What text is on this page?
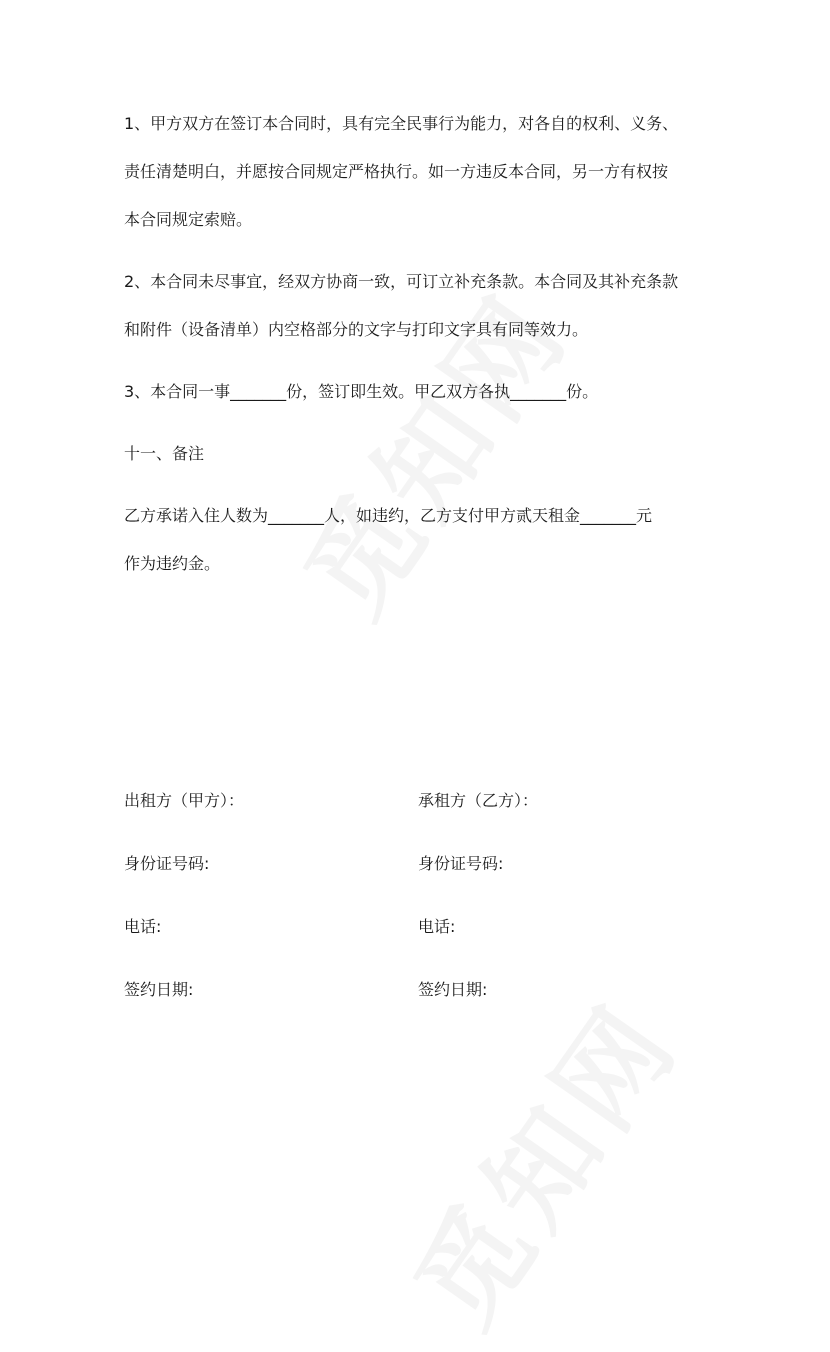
1、甲方双方在签订本合同时，具有完全民事行为能力，对各自的权利、义务、
责任清楚明白，并愿按合同规定严格执行。如一方违反本合同，另一方有权按
本合同规定索赔。

2、本合同未尽事宜，经双方协商一致，可订立补充条款。本合同及其补充条款
和附件（设备清单）内空格部分的文字与打印文字具有同等效力。

3、本合同一事_______份，签订即生效。甲乙双方各执_______份。

十一、备注

乙方承诺入住人数为_______人，如违约，乙方支付甲方贰天租金_______元
作为违约金。

出租方（甲方）：	承租方（乙方）：
身份证号码:	身份证号码:
电话:	电话:
签约日期:	签约日期:
